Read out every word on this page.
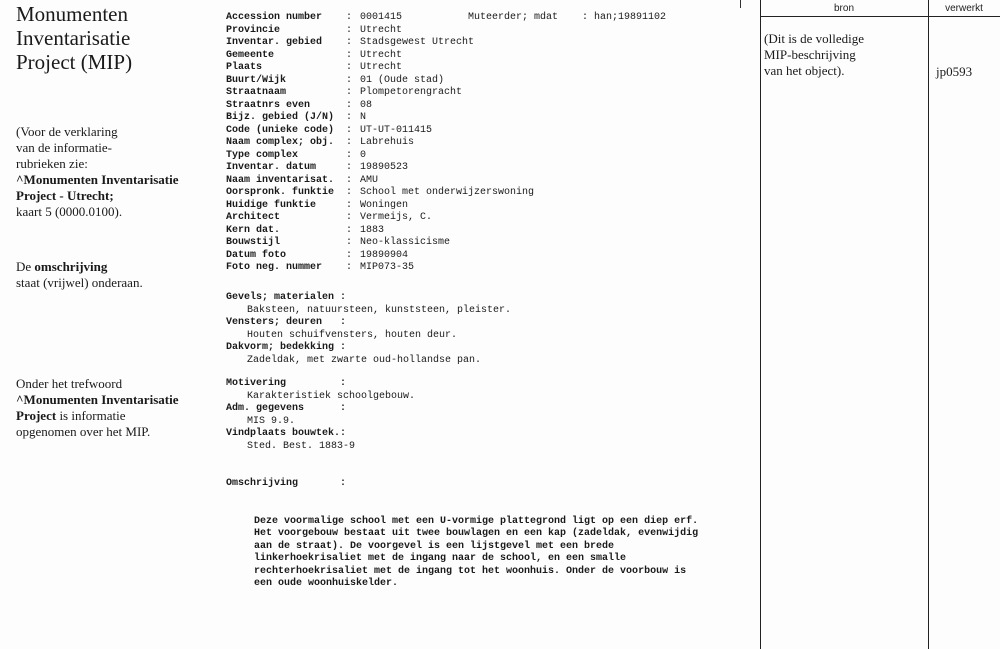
Monumenten
Inventarisatie
Project (MIP)
(Voor de verklaring
van de informatie-
rubrieken zie:
^Monumenten Inventarisatie
Project - Utrecht;
kaart 5 (0000.0100).
De omschrijving
staat (vrijwel) onderaan.
Onder het trefwoord
^Monumenten Inventarisatie
Project is informatie
opgenomen over het MIP.
Accession number : 0001415
Provincie	: Utrecht
Inventar. gebied : Stadsgewest Utrecht
Gemeente	: Utrecht
Plaats	: Utrecht
Buurt/Wijk	: 01 (Oude stad)
Straatnaam	: Plompetorengracht
Straatnrs even	: 08
Bijz. gebied (J/N) : N
Code (unieke code) : UT-UT-011415
Naam complex; obj. : Labrehuis
Type complex	: 0
Inventar. datum	: 19890523
Naam inventarisat. : AMU
Oorspronk. funktie : School met onderwijzerswoning
Huidige funktie	: Woningen
Architect	: Vermeijs, C.
Kern dat.	: 1883
Bouwstijl	: Neo-klassicisme
Datum foto	: 19890904
Foto neg. nummer : MIP073-35
Muteerder; mdat    : han;19891102
Gevels; materialen :
Baksteen, natuursteen, kunststeen, pleister.
Vensters; deuren   :
Houten schuifvensters, houten deur.
Dakvorm; bedekking :
Zadeldak, met zwarte oud-hollandse pan.
Motivering         :
Karakteristiek schoolgebouw.
Adm. gegevens      :
MIS 9.9.
Vindplaats bouwtek.:
Sted. Best. 1883-9

Omschrijving       :

Deze voormalige school met een U-vormige plattegrond ligt op een diep erf.
Het voorgebouw bestaat uit twee bouwlagen en een kap (zadeldak, evenwijdig
aan de straat). De voorgevel is een lijstgevel met een brede
linkerhoekrisaliet met de ingang naar de school, en een smalle
rechterhoekrisaliet met de ingang tot het woonhuis. Onder de voorbouw is
een oude woonhuiskelder.

bron	verwerkt
(Dit is de volledige
MIP-beschrijving
van het object).	jp0593
